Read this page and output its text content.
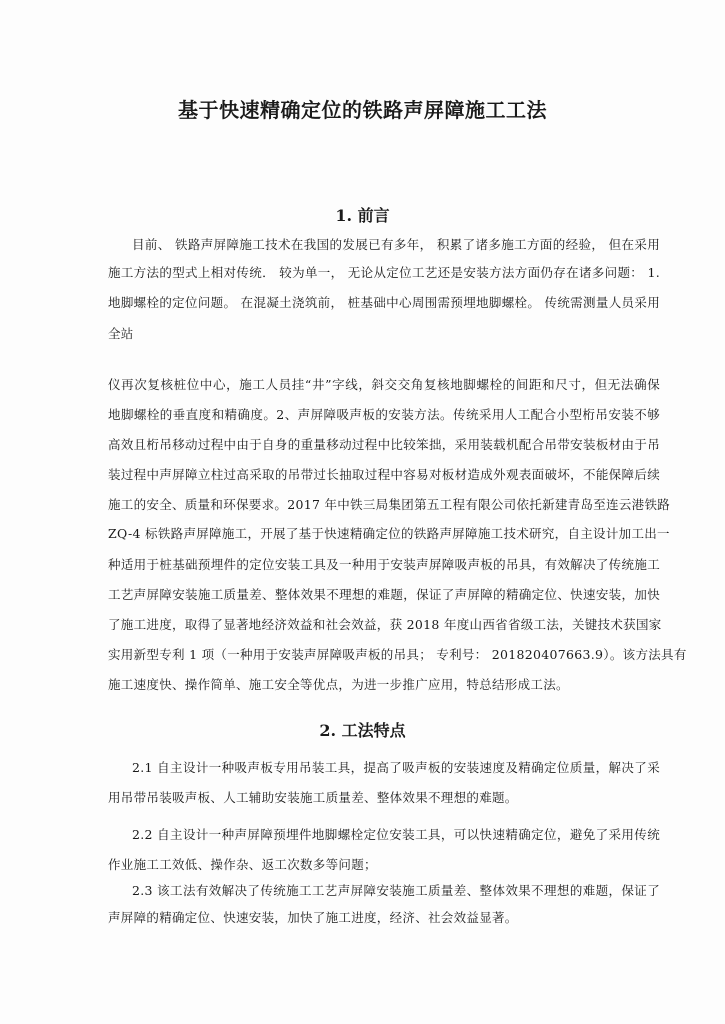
基于快速精确定位的铁路声屏障施工工法
1. 前言

目前、 铁路声屏障施工技术在我国的发展已有多年， 积累了诸多施工方面的经验， 但在采用

施工方法的型式上相对传统． 较为单一， 无论从定位工艺还是安装方法方面仍存在诸多问题： 1.

地脚螺栓的定位问题。 在混凝土浇筑前， 桩基础中心周围需预埋地脚螺栓。 传统需测量人员采用

全站

仪再次复核桩位中心，施工人员挂“井”字线，斜交交角复核地脚螺栓的间距和尺寸，但无法确保

地脚螺栓的垂直度和精确度。2、声屏障吸声板的安装方法。传统采用人工配合小型桁吊安装不够

高效且桁吊移动过程中由于自身的重量移动过程中比较笨拙，采用装载机配合吊带安装板材由于吊

装过程中声屏障立柱过高采取的吊带过长抽取过程中容易对板材造成外观表面破坏，不能保障后续

施工的安全、质量和环保要求。2017 年中铁三局集团第五工程有限公司依托新建青岛至连云港铁路

ZQ-4 标铁路声屏障施工，开展了基于快速精确定位的铁路声屏障施工技术研究，自主设计加工出一

种适用于桩基础预埋件的定位安装工具及一种用于安装声屏障吸声板的吊具，有效解决了传统施工

工艺声屏障安装施工质量差、整体效果不理想的难题，保证了声屏障的精确定位、快速安装，加快

了施工进度，取得了显著地经济效益和社会效益，获 2018 年度山西省省级工法，关键技术获国家

实用新型专利 1 项（一种用于安装声屏障吸声板的吊具； 专利号： 201820407663.9）。该方法具有

施工速度快、操作简单、施工安全等优点，为进一步推广应用，特总结形成工法。

2. 工法特点

2.1 自主设计一种吸声板专用吊装工具，提高了吸声板的安装速度及精确定位质量，解决了采

用吊带吊装吸声板、人工辅助安装施工质量差、整体效果不理想的难题。

2.2 自主设计一种声屏障预埋件地脚螺栓定位安装工具，可以快速精确定位，避免了采用传统

作业施工工效低、操作杂、返工次数多等问题；

2.3 该工法有效解决了传统施工工艺声屏障安装施工质量差、整体效果不理想的难题，保证了

声屏障的精确定位、快速安装，加快了施工进度，经济、社会效益显著。
